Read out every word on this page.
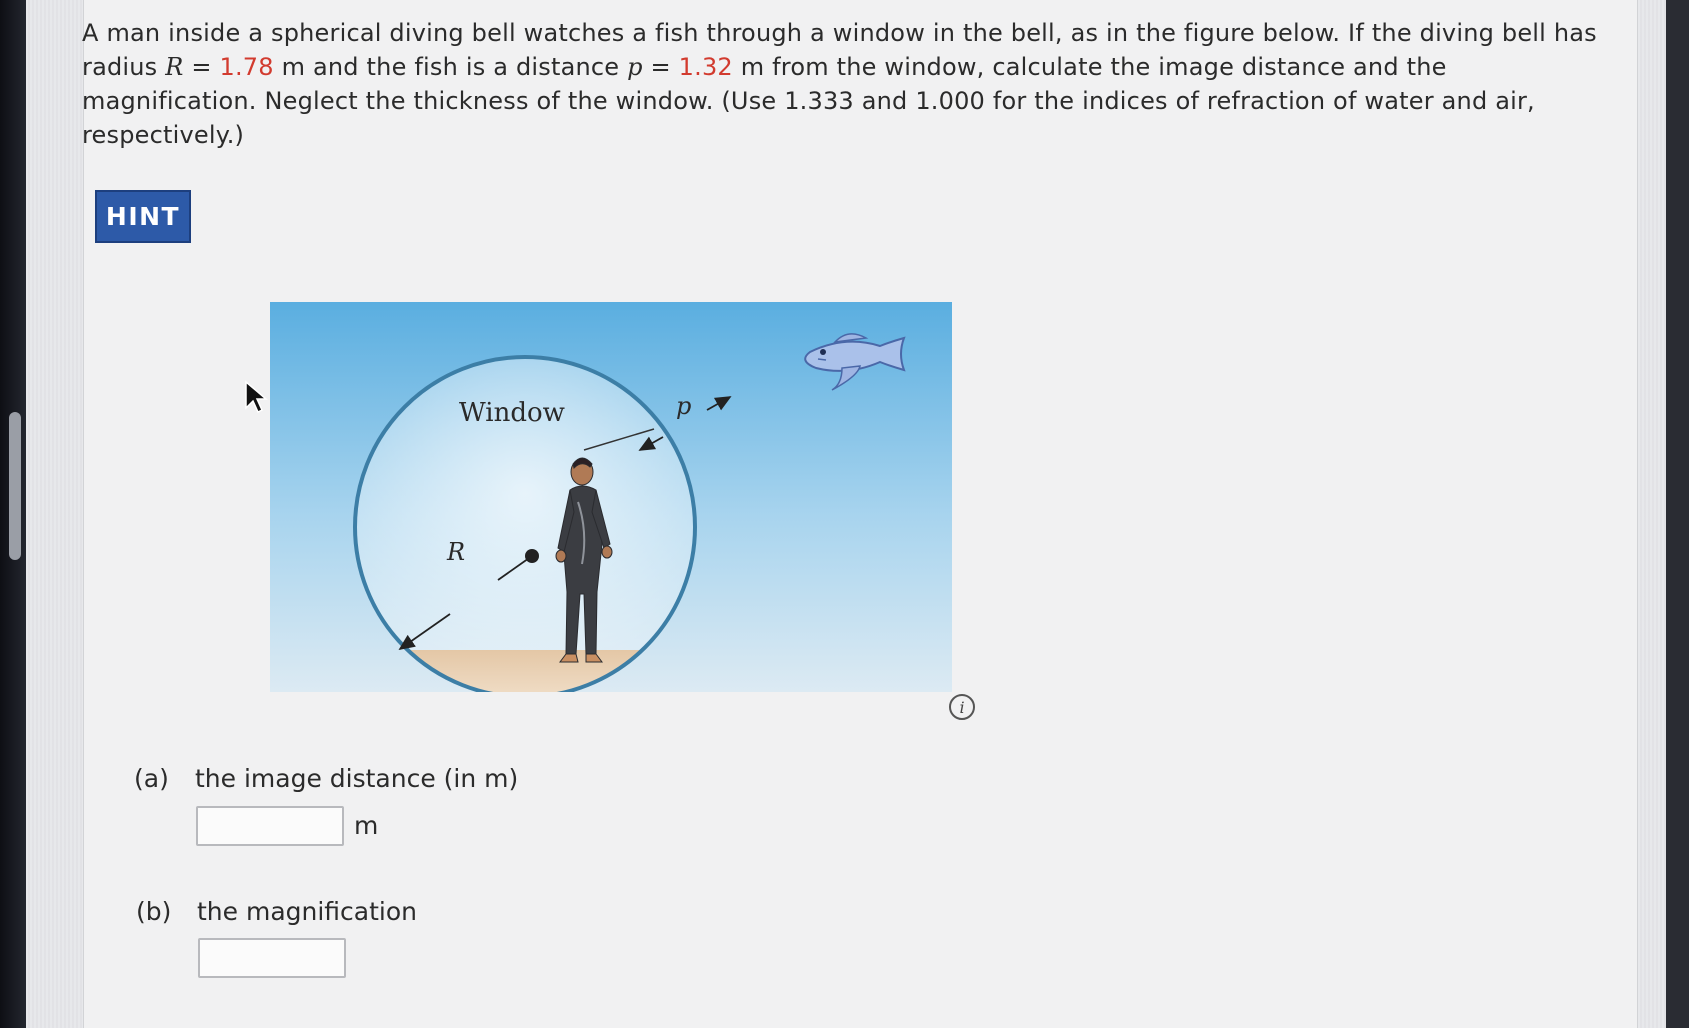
A man inside a spherical diving bell watches a fish through a window in the bell, as in the figure below. If the diving bell has radius R = 1.78 m and the fish is a distance p = 1.32 m from the window, calculate the image distance and the magnification. Neglect the thickness of the window. (Use 1.333 and 1.000 for the indices of refraction of water and air, respectively.)
HINT
Window
R
p
i
(a) the image distance (in m)
m
(b) the magnification
